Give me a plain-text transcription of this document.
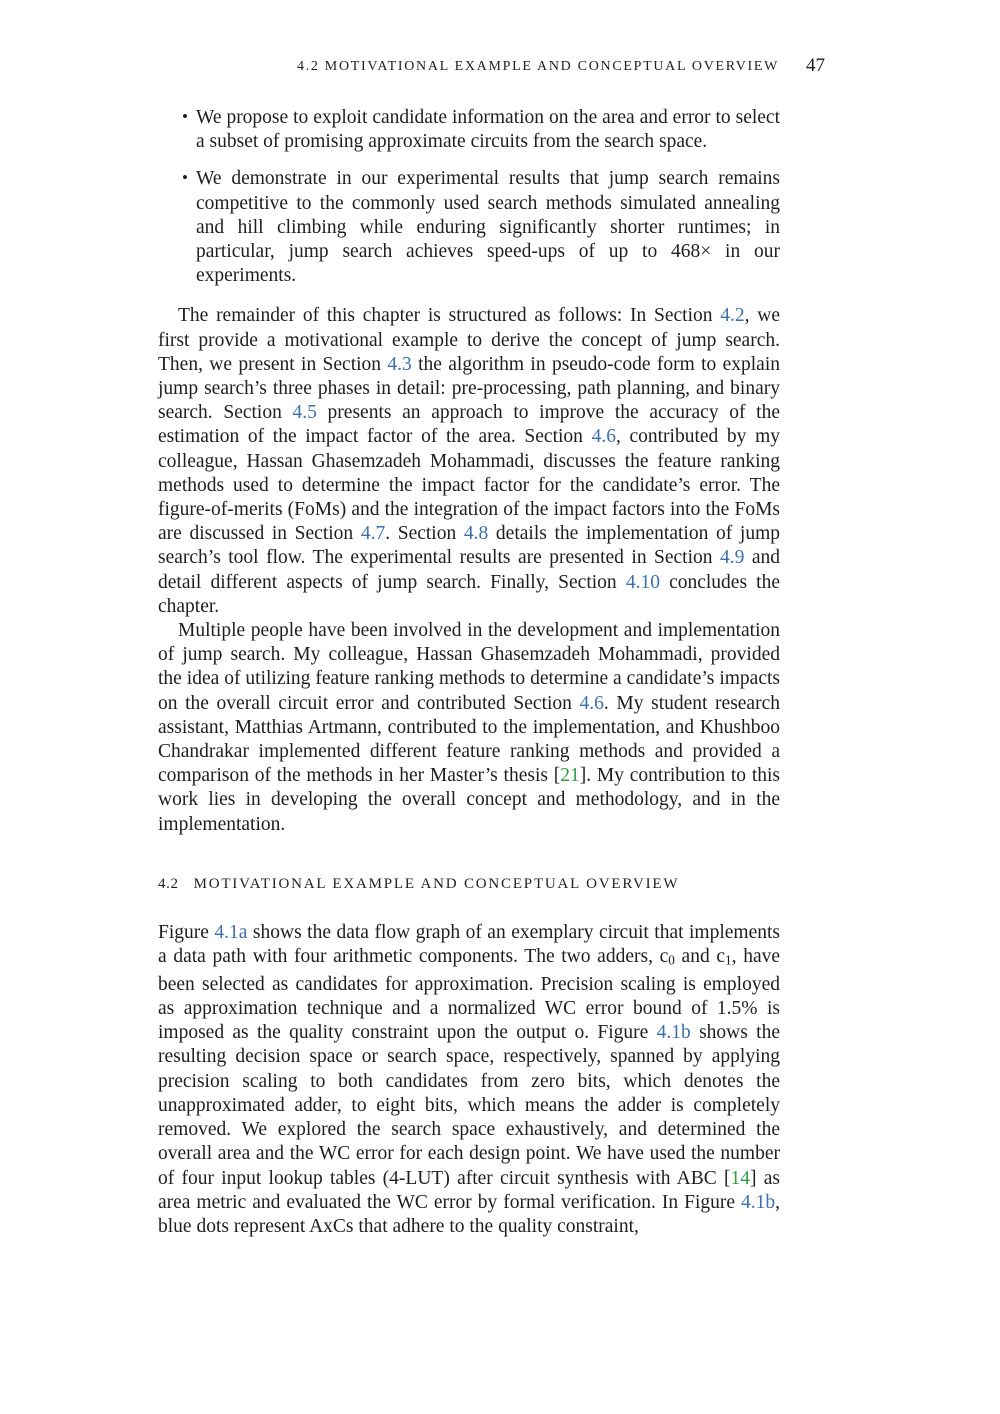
4.2 MOTIVATIONAL EXAMPLE AND CONCEPTUAL OVERVIEW 47
• We propose to exploit candidate information on the area and error to select a subset of promising approximate circuits from the search space.
• We demonstrate in our experimental results that jump search remains competitive to the commonly used search methods simulated annealing and hill climbing while enduring significantly shorter runtimes; in particular, jump search achieves speed-ups of up to 468× in our experiments.

The remainder of this chapter is structured as follows: In Section 4.2, we first provide a motivational example to derive the concept of jump search. Then, we present in Section 4.3 the algorithm in pseudo-code form to explain jump search’s three phases in detail: pre-processing, path planning, and binary search. Section 4.5 presents an approach to improve the accuracy of the estimation of the impact factor of the area. Section 4.6, contributed by my colleague, Hassan Ghasemzadeh Mohammadi, discusses the feature ranking methods used to determine the impact factor for the candidate’s error. The figure-of-merits (FoMs) and the integration of the impact factors into the FoMs are discussed in Section 4.7. Section 4.8 details the implementation of jump search’s tool flow. The experimental results are presented in Section 4.9 and detail different aspects of jump search. Finally, Section 4.10 concludes the chapter.

Multiple people have been involved in the development and implementation of jump search. My colleague, Hassan Ghasemzadeh Mohammadi, provided the idea of utilizing feature ranking methods to determine a candidate’s impacts on the overall circuit error and contributed Section 4.6. My student research assistant, Matthias Artmann, contributed to the implementation, and Khushboo Chandrakar implemented different feature ranking methods and provided a comparison of the methods in her Master’s thesis [21]. My contribution to this work lies in developing the overall concept and methodology, and in the implementation.

4.2 MOTIVATIONAL EXAMPLE AND CONCEPTUAL OVERVIEW

Figure 4.1a shows the data flow graph of an exemplary circuit that implements a data path with four arithmetic components. The two adders, c0 and c1, have been selected as candidates for approximation. Precision scaling is employed as approximation technique and a normalized WC error bound of 1.5% is imposed as the quality constraint upon the output o. Figure 4.1b shows the resulting decision space or search space, respectively, spanned by applying precision scaling to both candidates from zero bits, which denotes the unapproximated adder, to eight bits, which means the adder is completely removed. We explored the search space exhaustively, and determined the overall area and the WC error for each design point. We have used the number of four input lookup tables (4-LUT) after circuit synthesis with ABC [14] as area metric and evaluated the WC error by formal verification. In Figure 4.1b, blue dots represent AxCs that adhere to the quality constraint,
